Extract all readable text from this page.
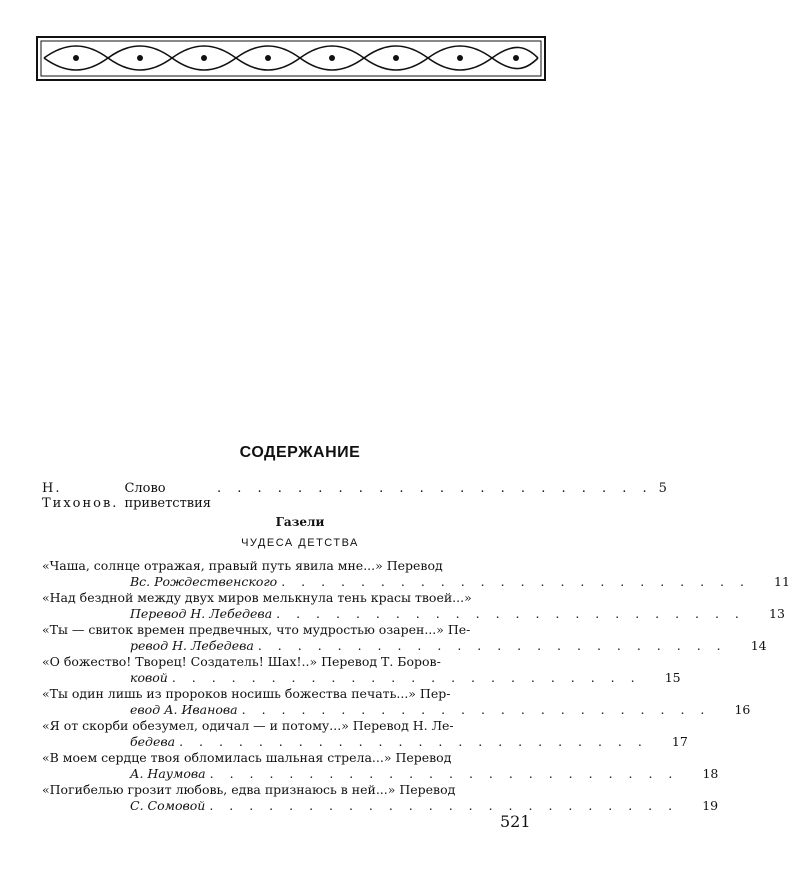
СОДЕРЖАНИЕ
Н. Тихонов.
Слово приветствия
. . . . . . . . . . . . . . . . . . . . . . 5
Газели
ЧУДЕСА ДЕТСТВА
«Чаша, солнце отражая, правый путь явила мне...» Перевод
Вс. Рождественского . . . . . . . . . . . . . . . . . . . . . . . .	11
«Над бездной между двух миров мелькнула тень красы твоей...»
Перевод Н. Лебедева . . . . . . . . . . . . . . . . . . . . . . . .	13
«Ты — свиток времен предвечных, что мудростью озарен...» Пе-
ревод Н. Лебедева . . . . . . . . . . . . . . . . . . . . . . . .	14
«О божество! Творец! Создатель! Шах!..» Перевод Т. Боров-
ковой . . . . . . . . . . . . . . . . . . . . . . . .	15
«Ты один лишь из пророков носишь божества печать...» Пер-
евод А. Иванова . . . . . . . . . . . . . . . . . . . . . . . .	16
«Я от скорби обезумел, одичал — и потому...» Перевод Н. Ле-
бедева . . . . . . . . . . . . . . . . . . . . . . . .	17
«В моем сердце твоя обломилась шальная стрела...» Перевод
А. Наумова . . . . . . . . . . . . . . . . . . . . . . . .	18
«Погибелью грозит любовь, едва признаюсь в ней...» Перевод
С. Сомовой . . . . . . . . . . . . . . . . . . . . . . . .	19
521
